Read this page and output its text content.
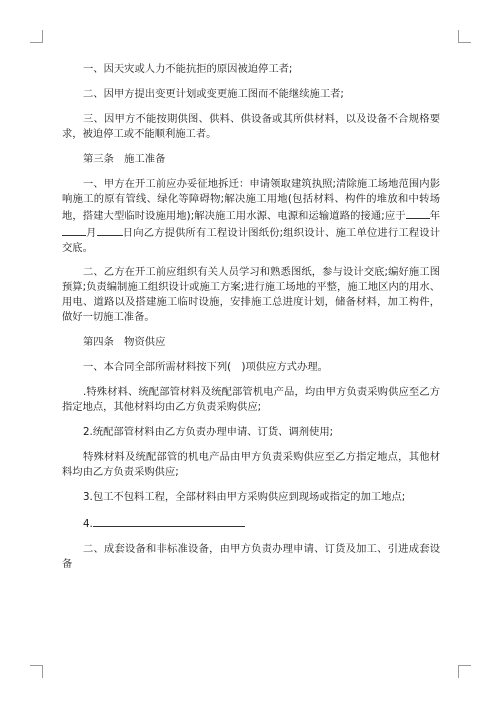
一、因天灾或人力不能抗拒的原因被迫停工者;

二、因甲方提出变更计划或变更施工图而不能继续施工者;

三、因甲方不能按期供图、供料、供设备或其所供材料，以及设备不合规格要求，被迫停工或不能顺利施工者。

第三条　施工准备

一、甲方在开工前应办妥征地拆迁：申请领取建筑执照;清除施工场地范围内影响施工的原有管线、绿化等障碍物;解决施工用地(包括材料、构件的堆放和中转场地，搭建大型临时设施用地);解决施工用水源、电源和运输道路的接通;应于 年月	日向乙方提供所有工程设计图纸份;组织设计、施工单位进行工程设计交底。

二、乙方在开工前应组织有关人员学习和熟悉图纸，参与设计交底;编好施工图预算;负责编制施工组织设计或施工方案;进行施工场地的平整，施工地区内的用水、用电、道路以及搭建施工临时设施，安排施工总进度计划，储备材料，加工构件，做好一切施工准备。

第四条　物资供应

一、本合同全部所需材料按下列(　)项供应方式办理。

.特殊材料、统配部管材料及统配部管机电产品，均由甲方负责采购供应至乙方指定地点，其他材料均由乙方负责采购供应;

2.统配部管材料由乙方负责办理申请、订货、调剂使用;

特殊材料及统配部管的机电产品由甲方负责采购供应至乙方指定地点，其他材料均由乙方负责采购供应;

3.包工不包料工程，全部材料由甲方采购供应到现场或指定的加工地点;

4.

二、成套设备和非标准设备，由甲方负责办理申请、订货及加工、引进成套设备
